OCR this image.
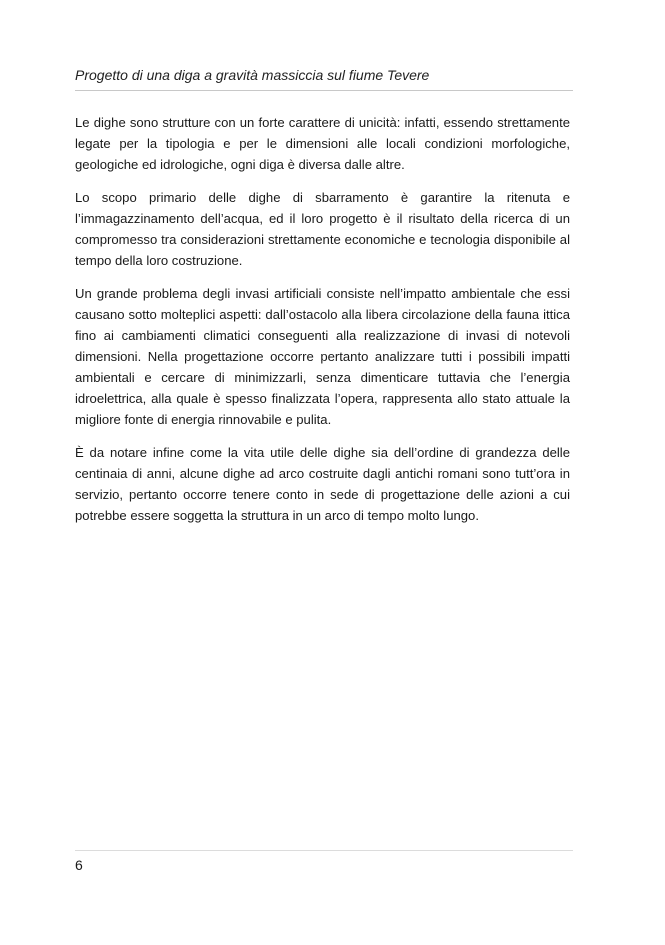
Progetto di una diga a gravità massiccia sul fiume Tevere

Le dighe sono strutture con un forte carattere di unicità: infatti, essendo strettamente legate per la tipologia e per le dimensioni alle locali condizioni morfologiche, geologiche ed idrologiche, ogni diga è diversa dalle altre.

Lo scopo primario delle dighe di sbarramento è garantire la ritenuta e l’immagazzinamento dell’acqua, ed il loro progetto è il risultato della ricerca di un compromesso tra considerazioni strettamente economiche e tecnologia disponibile al tempo della loro costruzione.

Un grande problema degli invasi artificiali consiste nell’impatto ambientale che essi causano sotto molteplici aspetti: dall’ostacolo alla libera circolazione della fauna ittica fino ai cambiamenti climatici conseguenti alla realizzazione di invasi di notevoli dimensioni. Nella progettazione occorre pertanto analizzare tutti i possibili impatti ambientali e cercare di minimizzarli, senza dimenticare tuttavia che l’energia idroelettrica, alla quale è spesso finalizzata l’opera, rappresenta allo stato attuale la migliore fonte di energia rinnovabile e pulita.

È da notare infine come la vita utile delle dighe sia dell’ordine di grandezza delle centinaia di anni, alcune dighe ad arco costruite dagli antichi romani sono tutt’ora in servizio, pertanto occorre tenere conto in sede di progettazione delle azioni a cui potrebbe essere soggetta la struttura in un arco di tempo molto lungo.

6
